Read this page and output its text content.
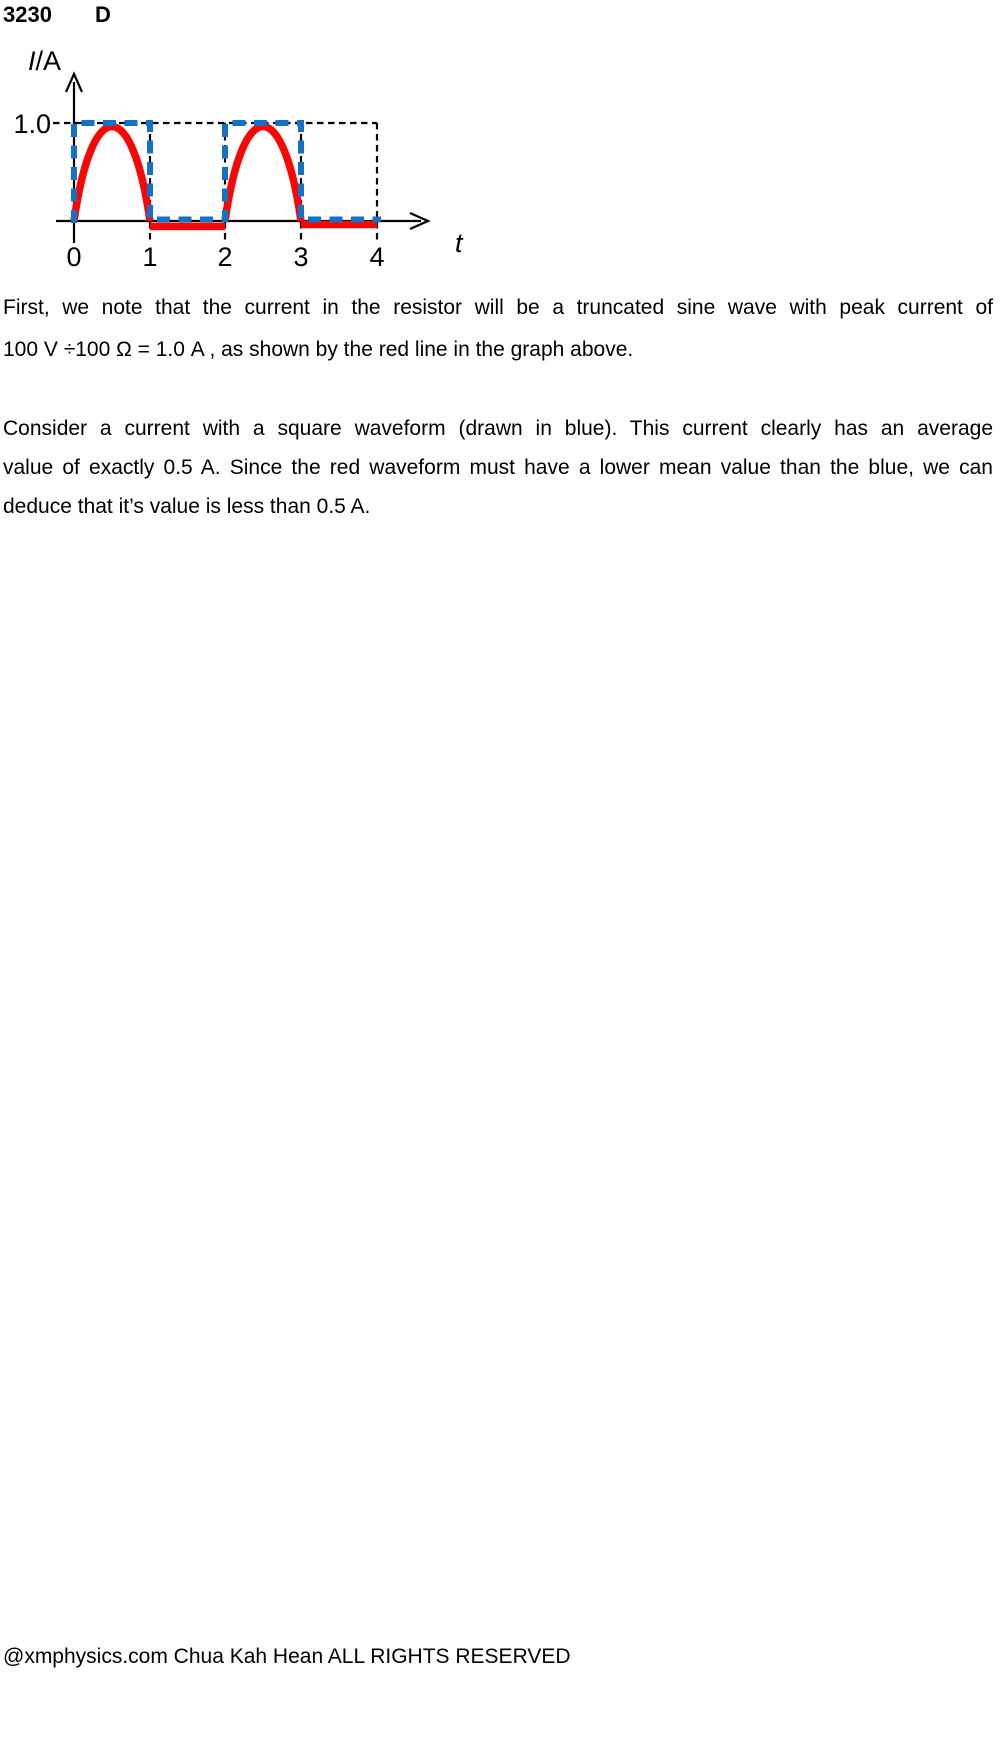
3230 D
I/A
1.0
0 1 2 3 4	t
First, we note that the current in the resistor will be a truncated sine wave with peak current of
100 V ÷100 Ω = 1.0 A , as shown by the red line in the graph above.
Consider a current with a square waveform (drawn in blue). This current clearly has an average
value of exactly 0.5 A. Since the red waveform must have a lower mean value than the blue, we can
deduce that it’s value is less than 0.5 A.
@xmphysics.com Chua Kah Hean ALL RIGHTS RESERVED
